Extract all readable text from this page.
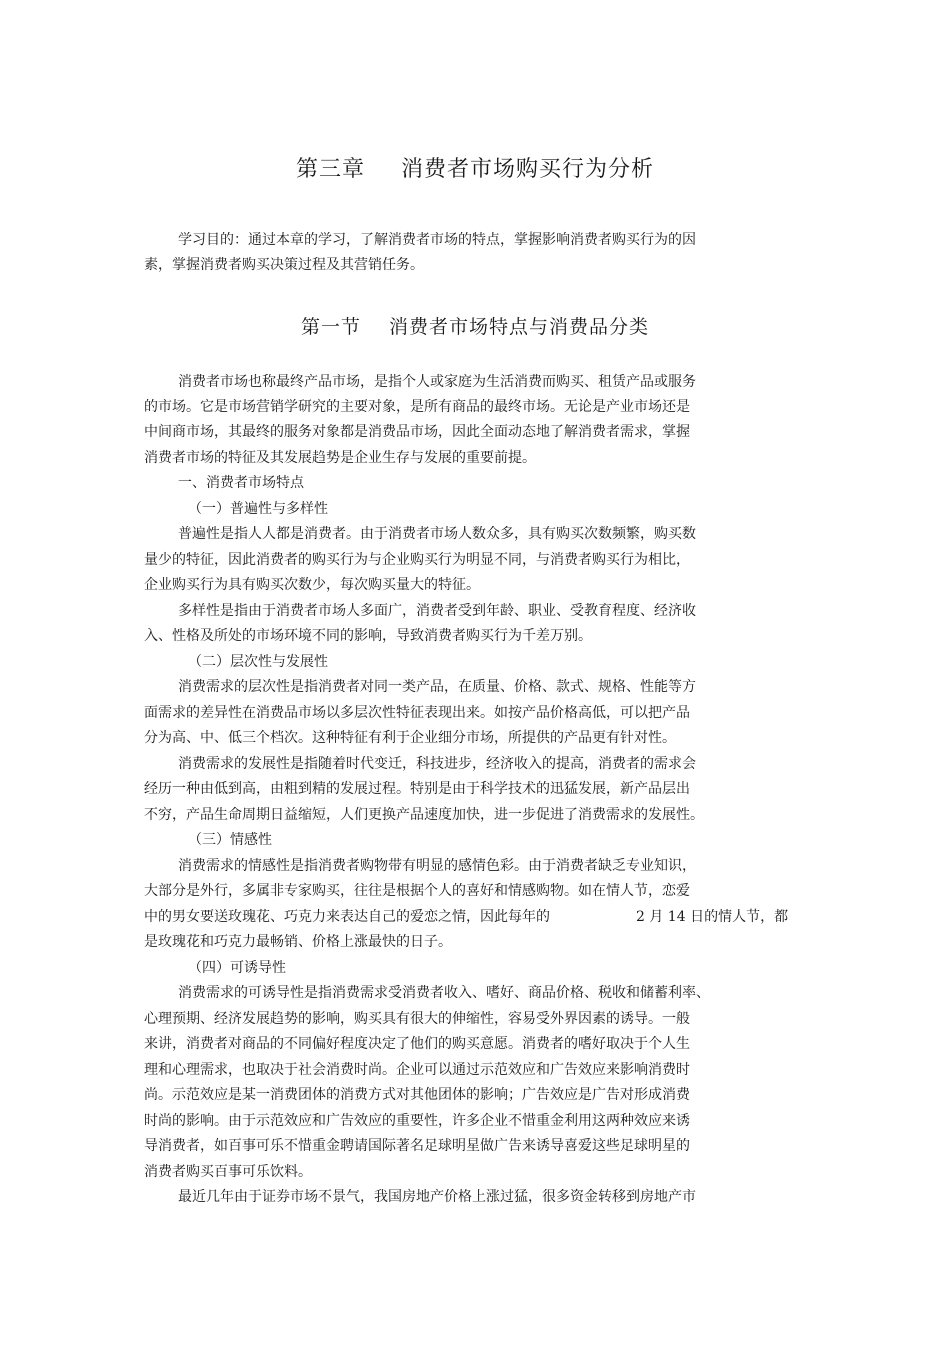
第三章 消费者市场购买行为分析
学习目的：通过本章的学习，了解消费者市场的特点，掌握影响消费者购买行为的因
素，掌握消费者购买决策过程及其营销任务。
第一节 消费者市场特点与消费品分类
消费者市场也称最终产品市场，是指个人或家庭为生活消费而购买、租赁产品或服务
的市场。它是市场营销学研究的主要对象，是所有商品的最终市场。无论是产业市场还是
中间商市场，其最终的服务对象都是消费品市场，因此全面动态地了解消费者需求，掌握
消费者市场的特征及其发展趋势是企业生存与发展的重要前提。
一、消费者市场特点
（一）普遍性与多样性
普遍性是指人人都是消费者。由于消费者市场人数众多，具有购买次数频繁，购买数
量少的特征，因此消费者的购买行为与企业购买行为明显不同，与消费者购买行为相比，
企业购买行为具有购买次数少，每次购买量大的特征。
多样性是指由于消费者市场人多面广，消费者受到年龄、职业、受教育程度、经济收
入、性格及所处的市场环境不同的影响，导致消费者购买行为千差万别。
（二）层次性与发展性
消费需求的层次性是指消费者对同一类产品，在质量、价格、款式、规格、性能等方
面需求的差异性在消费品市场以多层次性特征表现出来。如按产品价格高低，可以把产品
分为高、中、低三个档次。这种特征有利于企业细分市场，所提供的产品更有针对性。
消费需求的发展性是指随着时代变迁，科技进步，经济收入的提高，消费者的需求会
经历一种由低到高，由粗到精的发展过程。特别是由于科学技术的迅猛发展，新产品层出
不穷，产品生命周期日益缩短，人们更换产品速度加快，进一步促进了消费需求的发展性。
（三）情感性
消费需求的情感性是指消费者购物带有明显的感情色彩。由于消费者缺乏专业知识，
大部分是外行，多属非专家购买，往往是根据个人的喜好和情感购物。如在情人节，恋爱
中的男女要送玫瑰花、巧克力来表达自己的爱恋之情，因此每年的	2 月 14 日的情人节，都
是玫瑰花和巧克力最畅销、价格上涨最快的日子。
（四）可诱导性
消费需求的可诱导性是指消费需求受消费者收入、嗜好、商品价格、税收和储蓄利率、
心理预期、经济发展趋势的影响，购买具有很大的伸缩性，容易受外界因素的诱导。一般
来讲，消费者对商品的不同偏好程度决定了他们的购买意愿。消费者的嗜好取决于个人生
理和心理需求，也取决于社会消费时尚。企业可以通过示范效应和广告效应来影响消费时
尚。示范效应是某一消费团体的消费方式对其他团体的影响；广告效应是广告对形成消费
时尚的影响。由于示范效应和广告效应的重要性，许多企业不惜重金利用这两种效应来诱
导消费者，如百事可乐不惜重金聘请国际著名足球明星做广告来诱导喜爱这些足球明星的
消费者购买百事可乐饮料。
最近几年由于证券市场不景气，我国房地产价格上涨过猛，很多资金转移到房地产市
